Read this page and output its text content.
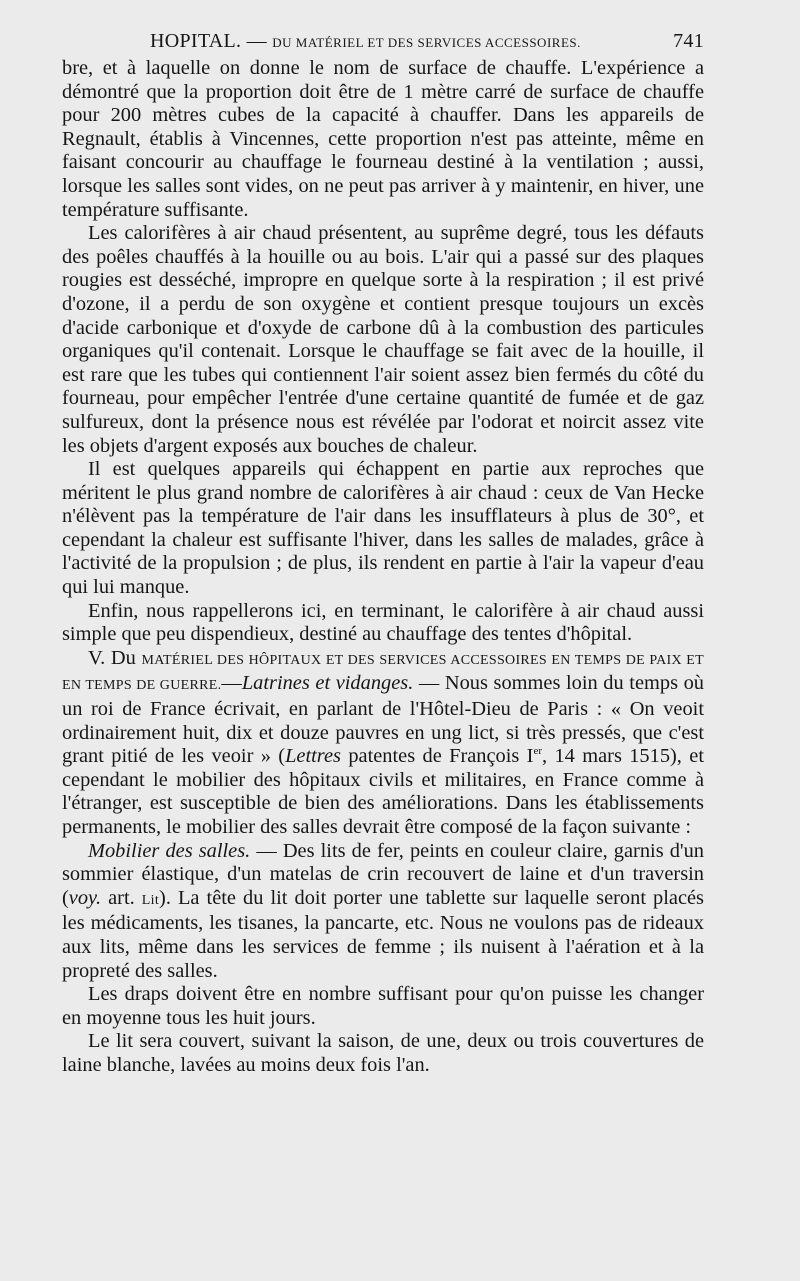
HOPITAL. — DU MATÉRIEL ET DES SERVICES ACCESSOIRES.	741

bre, et à laquelle on donne le nom de surface de chauffe. L'expérience a démontré que la proportion doit être de 1 mètre carré de surface de chauffe pour 200 mètres cubes de la capacité à chauffer. Dans les appareils de Regnault, établis à Vincennes, cette proportion n'est pas atteinte, même en faisant concourir au chauffage le fourneau destiné à la ventilation ; aussi, lorsque les salles sont vides, on ne peut pas arriver à y maintenir, en hiver, une température suffisante.

Les calorifères à air chaud présentent, au suprême degré, tous les défauts des poêles chauffés à la houille ou au bois. L'air qui a passé sur des plaques rougies est desséché, impropre en quelque sorte à la respiration ; il est privé d'ozone, il a perdu de son oxygène et contient presque toujours un excès d'acide carbonique et d'oxyde de carbone dû à la combustion des particules organiques qu'il contenait. Lorsque le chauffage se fait avec de la houille, il est rare que les tubes qui contiennent l'air soient assez bien fermés du côté du fourneau, pour empêcher l'entrée d'une certaine quantité de fumée et de gaz sulfureux, dont la présence nous est révélée par l'odorat et noircit assez vite les objets d'argent exposés aux bouches de chaleur.

Il est quelques appareils qui échappent en partie aux reproches que méritent le plus grand nombre de calorifères à air chaud : ceux de Van Hecke n'élèvent pas la température de l'air dans les insufflateurs à plus de 30°, et cependant la chaleur est suffisante l'hiver, dans les salles de malades, grâce à l'activité de la propulsion ; de plus, ils rendent en partie à l'air la vapeur d'eau qui lui manque.

Enfin, nous rappellerons ici, en terminant, le calorifère à air chaud aussi simple que peu dispendieux, destiné au chauffage des tentes d'hôpital.

V. Du MATÉRIEL DES HÔPITAUX ET DES SERVICES ACCESSOIRES EN TEMPS DE PAIX ET EN TEMPS DE GUERRE.—Latrines et vidanges. — Nous sommes loin du temps où un roi de France écrivait, en parlant de l'Hôtel-Dieu de Paris : « On veoit ordinairement huit, dix et douze pauvres en ung lict, si très pressés, que c'est grant pitié de les veoir » (Lettres patentes de François Ier, 14 mars 1515), et cependant le mobilier des hôpitaux civils et militaires, en France comme à l'étranger, est susceptible de bien des améliorations. Dans les établissements permanents, le mobilier des salles devrait être composé de la façon suivante :

Mobilier des salles. — Des lits de fer, peints en couleur claire, garnis d'un sommier élastique, d'un matelas de crin recouvert de laine et d'un traversin (voy. art. Lit). La tête du lit doit porter une tablette sur laquelle seront placés les médicaments, les tisanes, la pancarte, etc. Nous ne voulons pas de rideaux aux lits, même dans les services de femme ; ils nuisent à l'aération et à la propreté des salles.

Les draps doivent être en nombre suffisant pour qu'on puisse les changer en moyenne tous les huit jours.

Le lit sera couvert, suivant la saison, de une, deux ou trois couvertures de laine blanche, lavées au moins deux fois l'an.
